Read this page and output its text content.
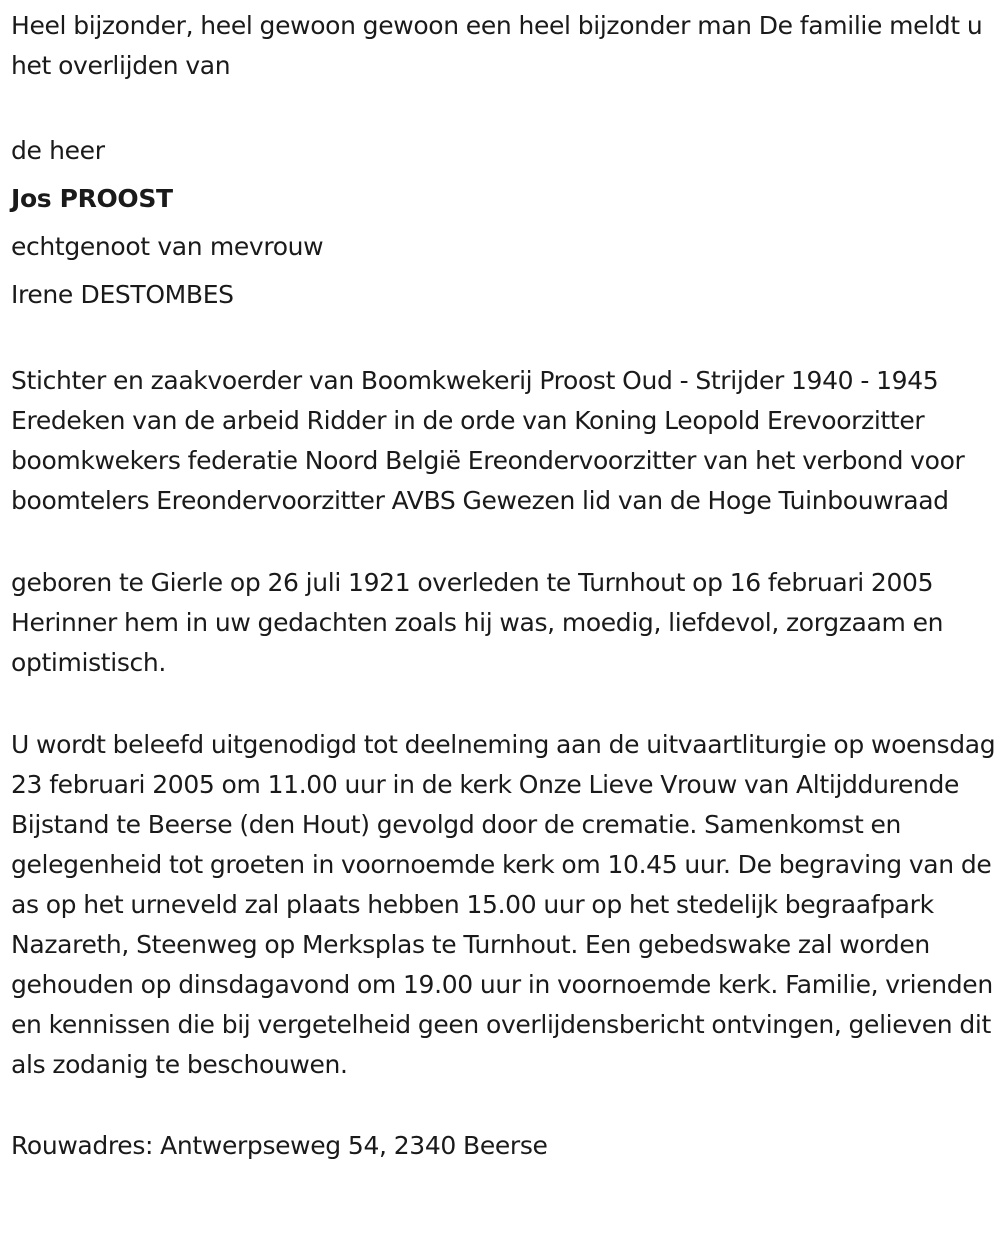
Heel bijzonder, heel gewoon gewoon een heel bijzonder man De familie meldt u het overlijden van

de heer

Jos PROOST

echtgenoot van mevrouw

Irene DESTOMBES

Stichter en zaakvoerder van Boomkwekerij Proost Oud - Strijder 1940 - 1945 Eredeken van de arbeid Ridder in de orde van Koning Leopold Erevoorzitter boomkwekers federatie Noord België Ereondervoorzitter van het verbond voor boomtelers Ereondervoorzitter AVBS Gewezen lid van de Hoge Tuinbouwraad

geboren te Gierle op 26 juli 1921 overleden te Turnhout op 16 februari 2005 Herinner hem in uw gedachten zoals hij was, moedig, liefdevol, zorgzaam en optimistisch.

U wordt beleefd uitgenodigd tot deelneming aan de uitvaartliturgie op woensdag 23 februari 2005 om 11.00 uur in de kerk Onze Lieve Vrouw van Altijddurende Bijstand te Beerse (den Hout) gevolgd door de crematie. Samenkomst en gelegenheid tot groeten in voornoemde kerk om 10.45 uur. De begraving van de as op het urneveld zal plaats hebben 15.00 uur op het stedelijk begraafpark Nazareth, Steenweg op Merksplas te Turnhout. Een gebedswake zal worden gehouden op dinsdagavond om 19.00 uur in voornoemde kerk. Familie, vrienden en kennissen die bij vergetelheid geen overlijdensbericht ontvingen, gelieven dit als zodanig te beschouwen.

Rouwadres: Antwerpseweg 54, 2340 Beerse
